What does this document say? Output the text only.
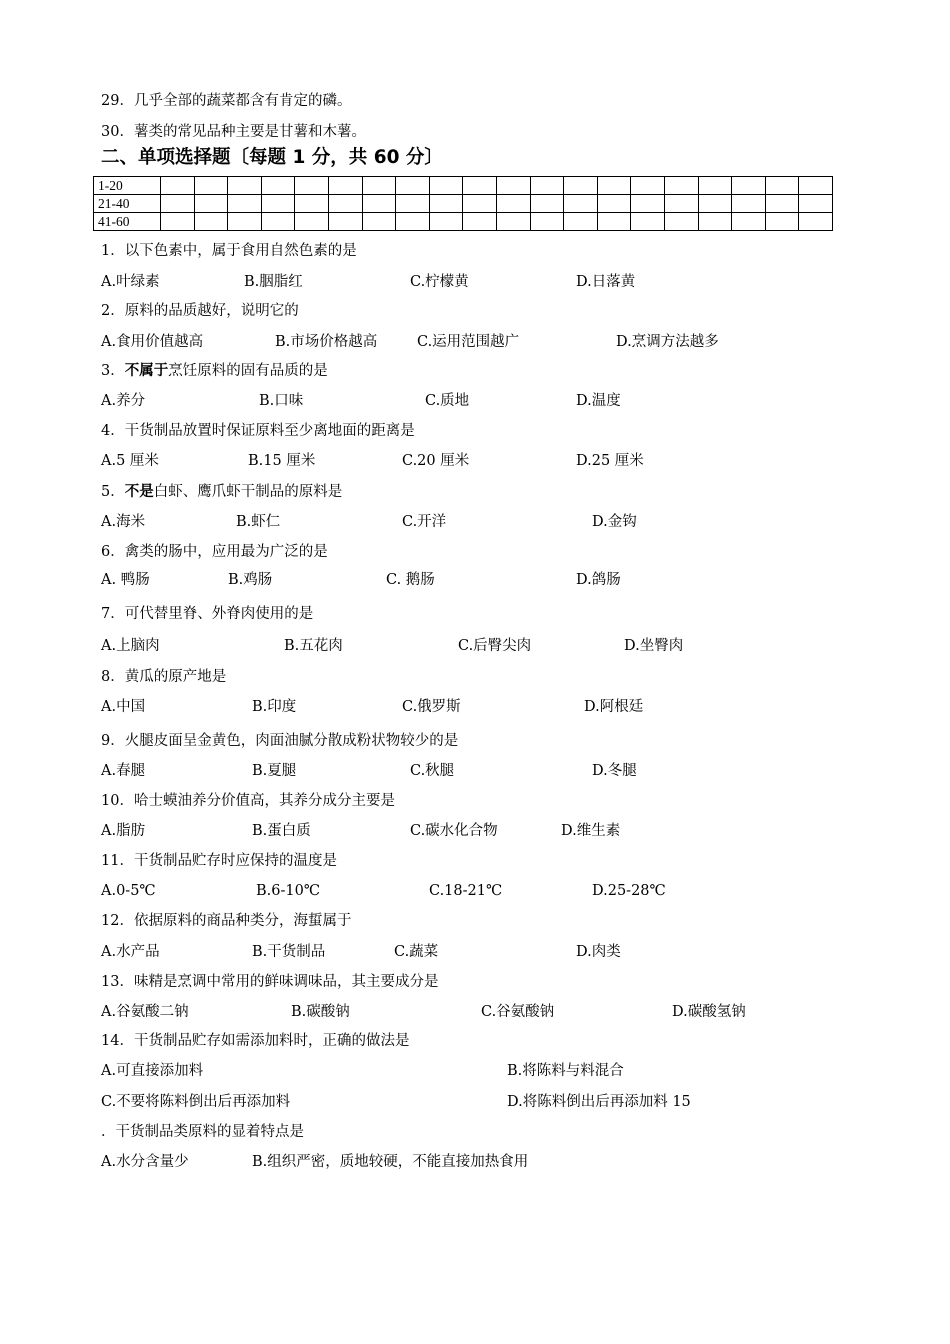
29．几乎全部的蔬菜都含有肯定的磷。
30．薯类的常见品种主要是甘薯和木薯。
二、单项选择题〔每题 1 分，共 60 分〕
1-20																				
21-40																				
41-60																				
1．以下色素中，属于食用自然色素的是
A.叶绿素	B.胭脂红	C.柠檬黄	D.日落黄
2．原料的品质越好，说明它的
A.食用价值越高	B.市场价格越高	C.运用范围越广	D.烹调方法越多
3．不属于烹饪原料的固有品质的是
A.养分	B.口味	C.质地	D.温度
4．干货制品放置时保证原料至少离地面的距离是
A.5 厘米	B.15 厘米	C.20 厘米	D.25 厘米
5．不是白虾、鹰爪虾干制品的原料是
A.海米	B.虾仁	C.开洋	D.金钩
6．禽类的肠中，应用最为广泛的是
A. 鸭肠	B.鸡肠	C. 鹅肠	D.鸽肠
7．可代替里脊、外脊肉使用的是
A.上脑肉	B.五花肉	C.后臀尖肉	D.坐臀肉
8．黄瓜的原产地是
A.中国	B.印度	C.俄罗斯	D.阿根廷
9．火腿皮面呈金黄色，肉面油腻分散成粉状物较少的是
A.春腿	B.夏腿	C.秋腿	D.冬腿
10．哈士蟆油养分价值高，其养分成分主要是
A.脂肪	B.蛋白质	C.碳水化合物	D.维生素
11．干货制品贮存时应保持的温度是
A.0-5℃	B.6-10℃	C.18-21℃	D.25-28℃
12．依据原料的商品种类分，海蜇属于
A.水产品	B.干货制品	C.蔬菜	D.肉类
13．味精是烹调中常用的鲜味调味品，其主要成分是
A.谷氨酸二钠	B.碳酸钠	C.谷氨酸钠	D.碳酸氢钠
14．干货制品贮存如需添加料时，正确的做法是
A.可直接添加料	B.将陈料与料混合
C.不要将陈料倒出后再添加料	D.将陈料倒出后再添加料 15
．干货制品类原料的显着特点是
A.水分含量少	B.组织严密，质地较硬，不能直接加热食用
